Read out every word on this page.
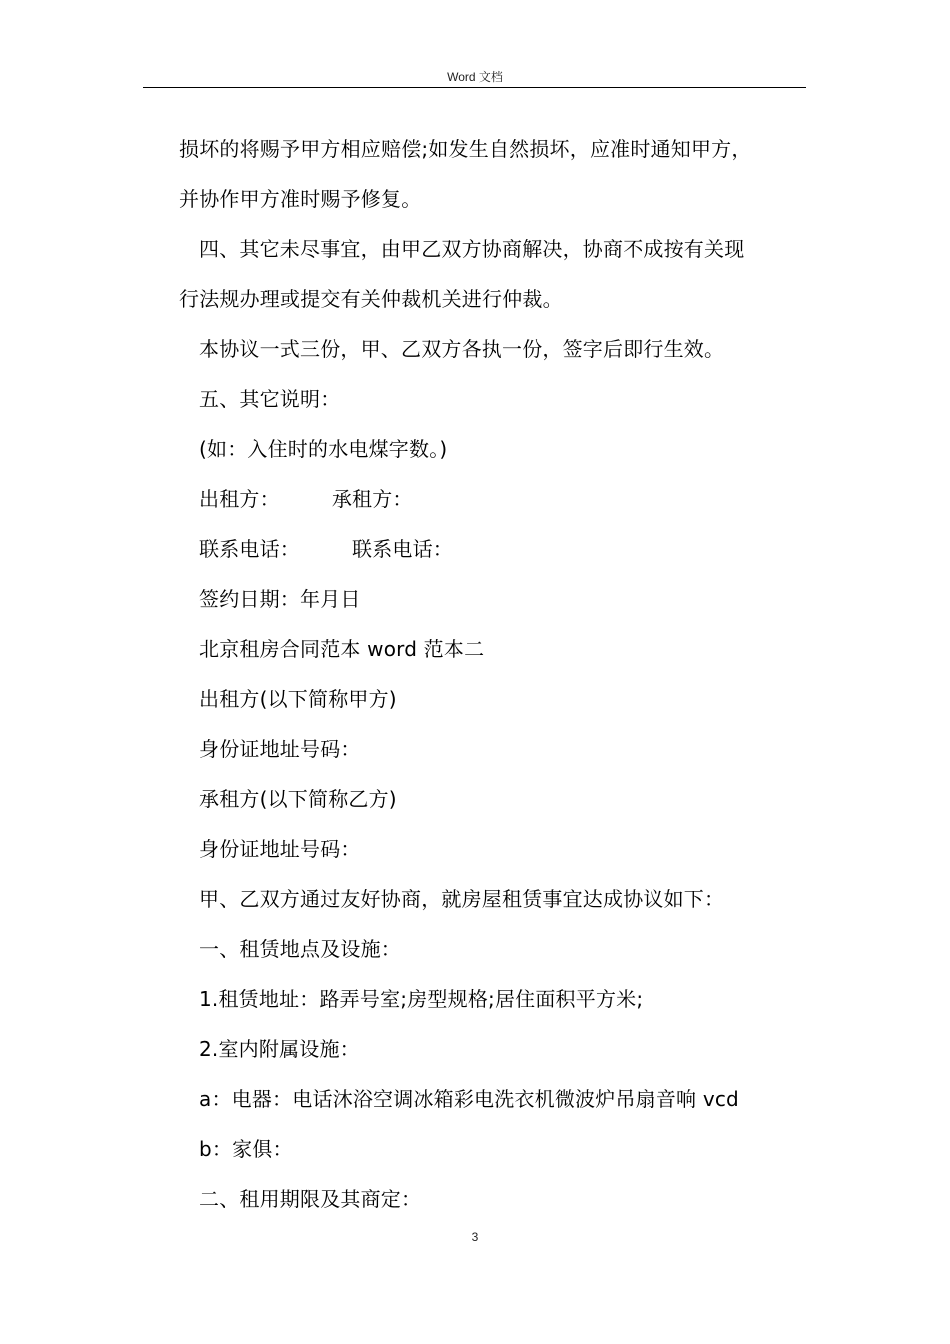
Word 文档
损坏的将赐予甲方相应赔偿;如发生自然损坏，应准时通知甲方，
并协作甲方准时赐予修复。
四、其它未尽事宜，由甲乙双方协商解决，协商不成按有关现
行法规办理或提交有关仲裁机关进行仲裁。
本协议一式三份，甲、乙双方各执一份，签字后即行生效。
五、其它说明：
(如：入住时的水电煤字数。)
出租方：	承租方：
联系电话：	联系电话：
签约日期：年月日
北京租房合同范本 word 范本二
出租方(以下简称甲方)
身份证地址号码：
承租方(以下简称乙方)
身份证地址号码：
甲、乙双方通过友好协商，就房屋租赁事宜达成协议如下：
一、租赁地点及设施：
1.租赁地址：路弄号室;房型规格;居住面积平方米;
2.室内附属设施：
a：电器：电话沐浴空调冰箱彩电洗衣机微波炉吊扇音响 vcd
b：家俱：
二、租用期限及其商定：
3
